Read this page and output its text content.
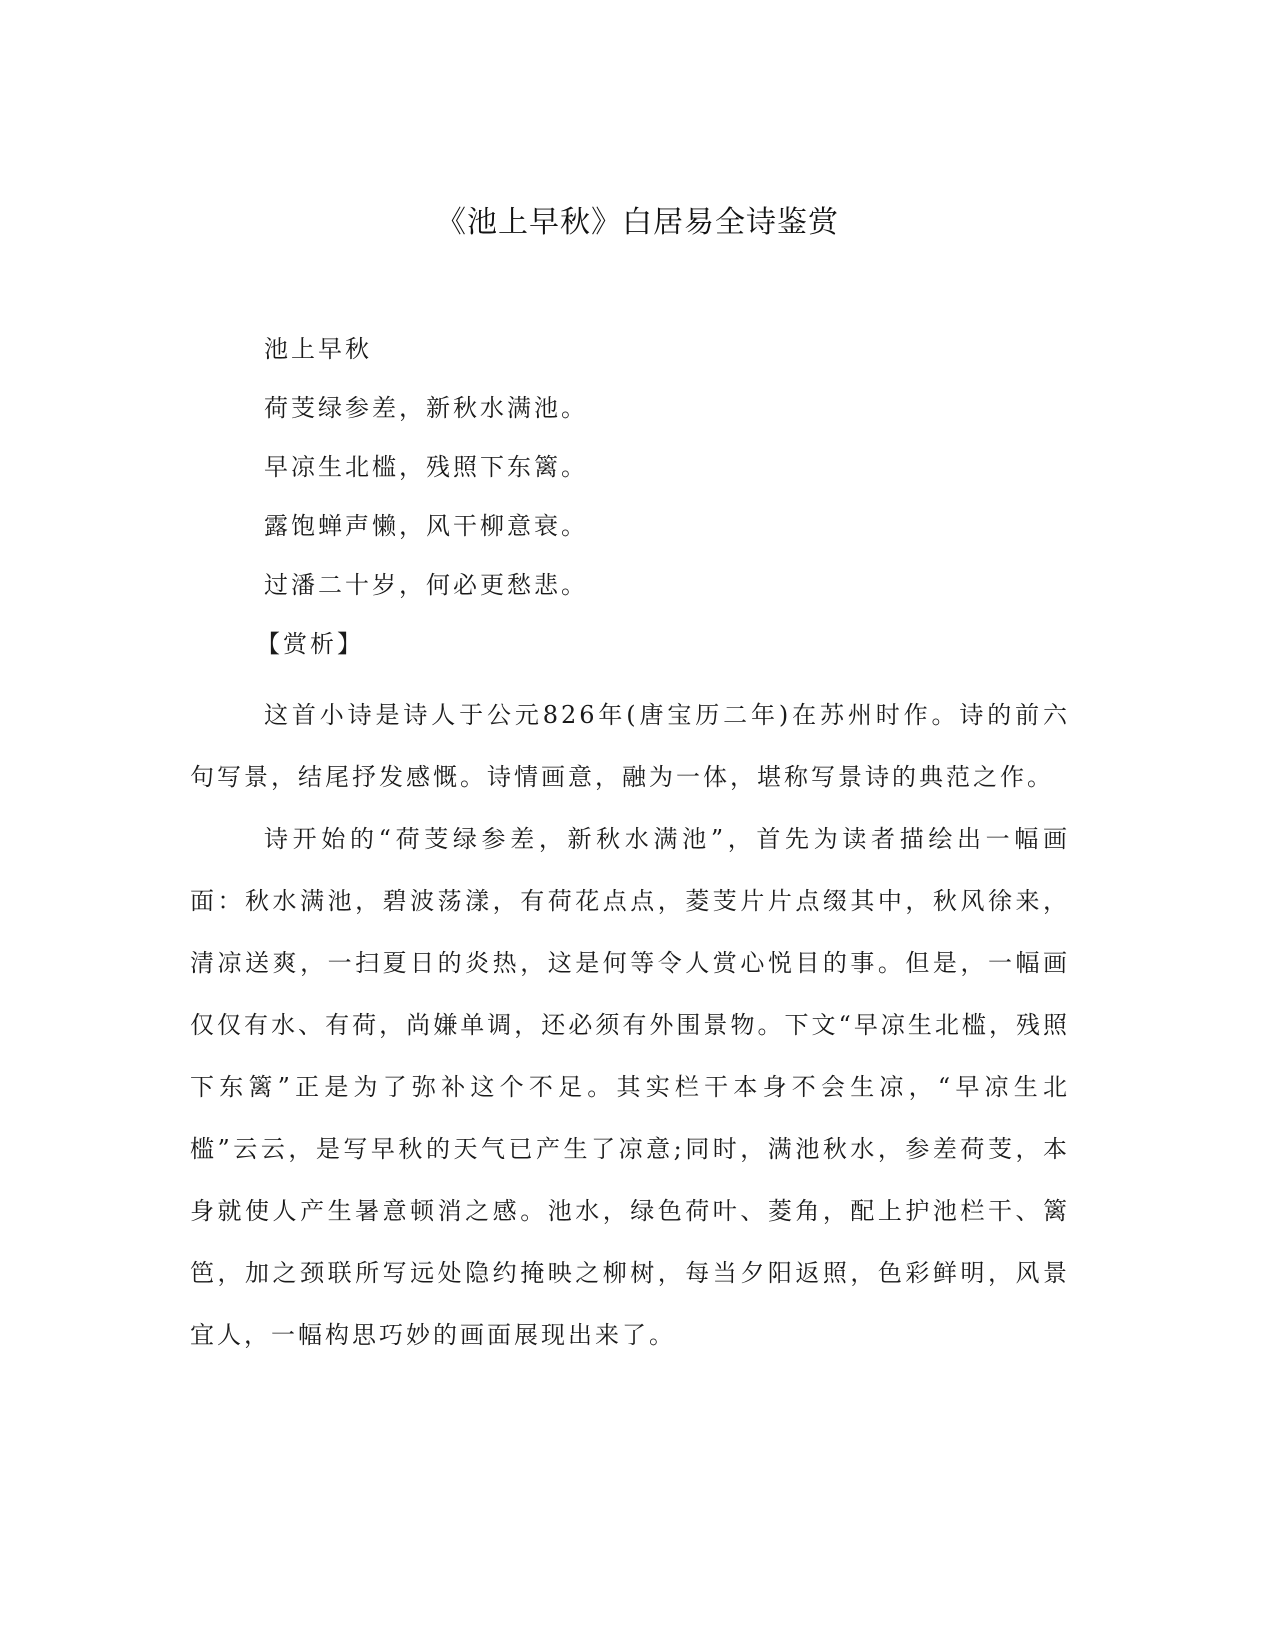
《池上早秋》白居易全诗鉴赏
池上早秋
荷芰绿参差，新秋水满池。
早凉生北槛，残照下东篱。
露饱蝉声懒，风干柳意衰。
过潘二十岁，何必更愁悲。
【赏析】

这首小诗是诗人于公元826年(唐宝历二年)在苏州时作。诗的前六句写景，结尾抒发感慨。诗情画意，融为一体，堪称写景诗的典范之作。

诗开始的“荷芰绿参差，新秋水满池”，首先为读者描绘出一幅画面：秋水满池，碧波荡漾，有荷花点点，菱芰片片点缀其中，秋风徐来，清凉送爽，一扫夏日的炎热，这是何等令人赏心悦目的事。但是，一幅画仅仅有水、有荷，尚嫌单调，还必须有外围景物。下文“早凉生北槛，残照下东篱”正是为了弥补这个不足。其实栏干本身不会生凉，“早凉生北槛”云云，是写早秋的天气已产生了凉意;同时，满池秋水，参差荷芰，本身就使人产生暑意顿消之感。池水，绿色荷叶、菱角，配上护池栏干、篱笆，加之颈联所写远处隐约掩映之柳树，每当夕阳返照，色彩鲜明，风景宜人，一幅构思巧妙的画面展现出来了。
